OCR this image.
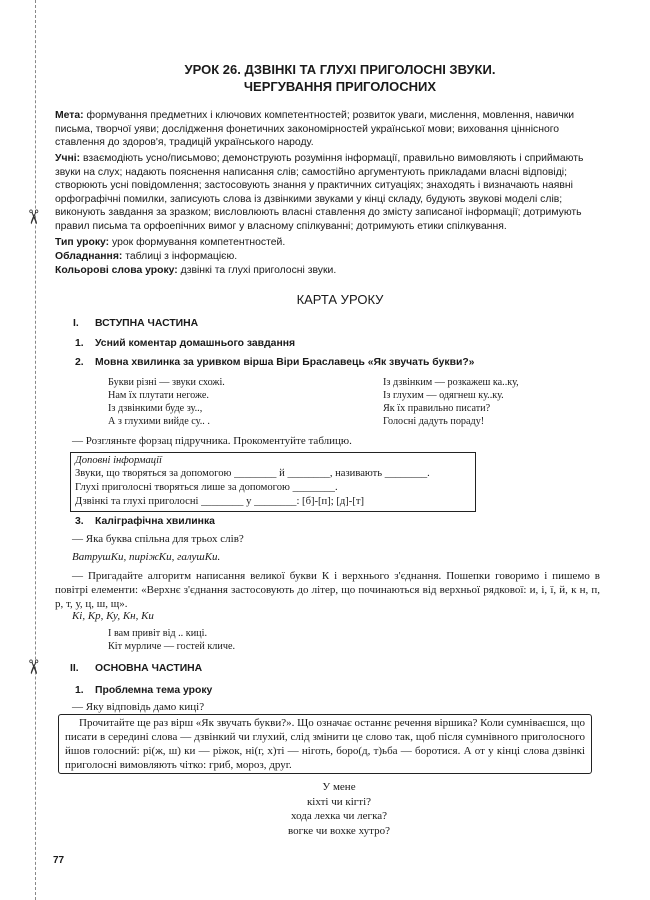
✂
✂
УРОК 26. ДЗВІНКІ ТА ГЛУХІ ПРИГОЛОСНІ ЗВУКИ.
ЧЕРГУВАННЯ ПРИГОЛОСНИХ

Мета: формування предметних і ключових компетентностей; розвиток уваги, мислення, мовлення, навички письма, творчої уяви; дослідження фонетичних закономірностей української мови; виховання ціннісного ставлення до здоров'я, традицій українського народу.

Учні: взаємодіють усно/письмово; демонструють розуміння інформації, правильно вимовляють і сприймають звуки на слух; надають пояснення написання слів; самостійно аргументують прикладами власні відповіді; створюють усні повідомлення; застосовують знання у практичних ситуаціях; знаходять і визначають наявні орфографічні помилки, записують слова із дзвінкими звуками у кінці складу, будують звукові моделі слів; виконують завдання за зразком; висловлюють власні ставлення до змісту записаної інформації; дотримують правил письма та орфоепічних вимог у власному спілкуванні; дотримують етики спілкування.

Тип уроку: урок формування компетентностей.

Обладнання: таблиці з інформацією.

Кольорові слова уроку: дзвінкі та глухі приголосні звуки.

КАРТА УРОКУ
I. ВСТУПНА ЧАСТИНА
1. Усний коментар домашнього завдання
2. Мовна хвилинка за уривком вірша Віри Браславець «Як звучать букви?»
Букви різні — звуки схожі.
Нам їх плутати негоже.
Із дзвінкими буде зу..,
А з глухими вийде су.. .
Із дзвінким — розкажеш ка..ку,
Із глухим — одягнеш ку..ку.
Як їх правильно писати?
Голосні дадуть пораду!
— Розгляньте форзац підручника. Прокоментуйте таблицю.
Доповні інформації
Звуки, що творяться за допомогою ________ й ________, називають ________.
Глухі приголосні творяться лише за допомогою ________.
Дзвінкі та глухі приголосні ________ у ________: [б]-[п]; [д]-[т]
3. Каліграфічна хвилинка
— Яка буква спільна для трьох слів?
ВатрушКи, пиріжКи, галушКи.
— Пригадайте алгоритм написання великої букви К і верхнього з'єднання. Пошепки говоримо і пишемо в повітрі елементи: «Верхнє з'єднання застосовують до літер, що починаються від верхньої рядкової: и, і, ї, й, к н, п, р, т, у, ц, ш, щ».
Кі, Кр, Ку, Кн, Ки
І вам привіт від .. киці.
Кіт мурличе — гостей кличе.
II. ОСНОВНА ЧАСТИНА
1. Проблемна тема уроку
— Яку відповідь дамо киці?
Прочитайте ще раз вірш «Як звучать букви?». Що означає останнє речення віршика? Коли сумніваєшся, що писати в середині слова — дзвінкий чи глухий, слід змінити це слово так, щоб після сумнівного приголосного йшов голосний: рі(ж, ш) ки — ріжок, ні(г, х)ті — ніготь, боро(д, т)ьба — боротися. А от у кінці слова дзвінкі приголосні вимовляють чітко: гриб, мороз, друг.
У мене
кіхті чи кігті?
хода лехка чи легка?
вогке чи вохке хутро?
77
